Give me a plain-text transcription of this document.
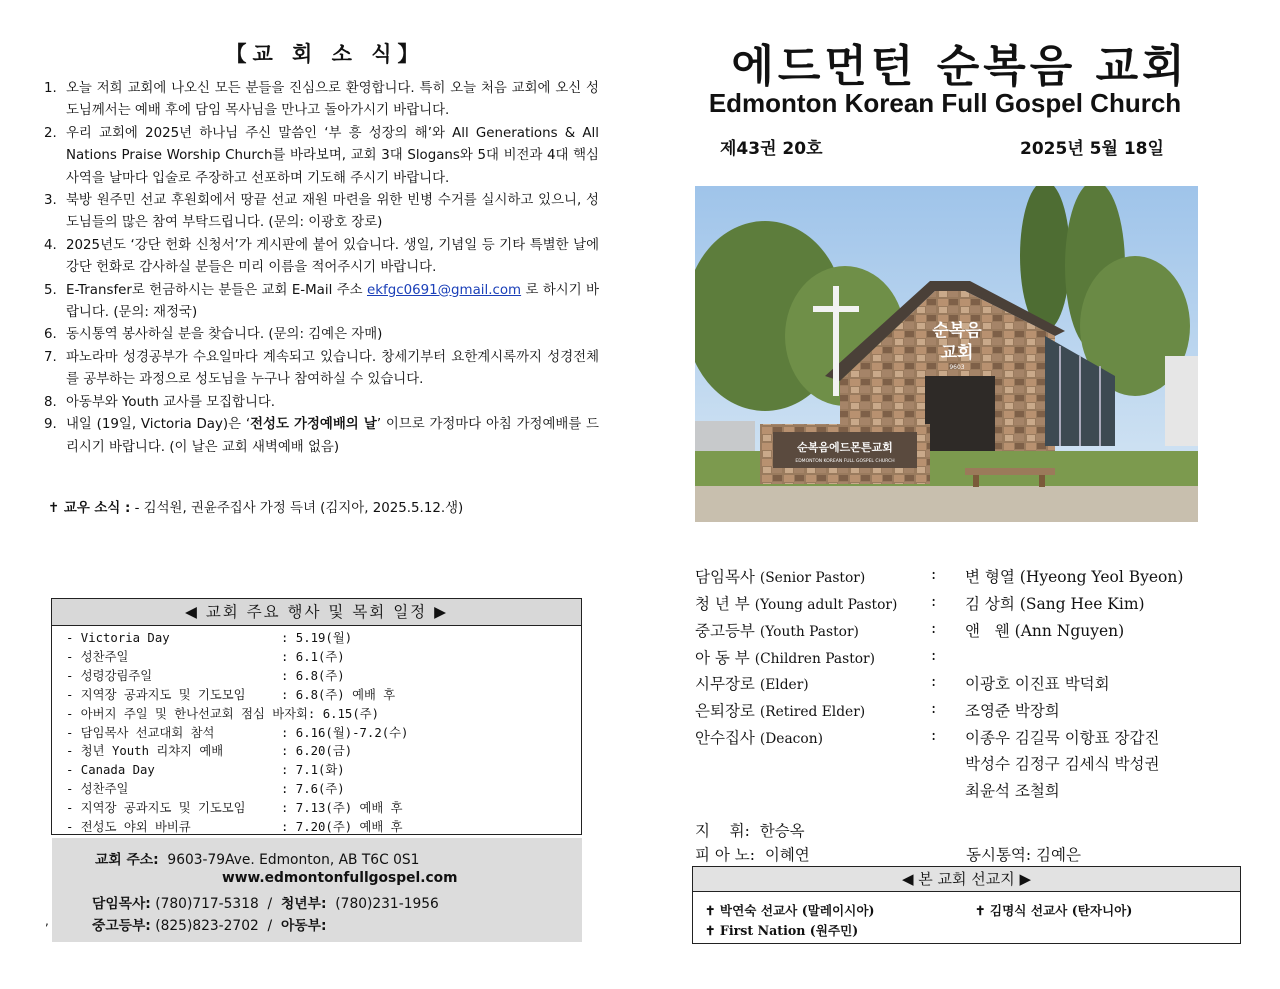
【교 회 소 식】
1. 오늘 저희 교회에 나오신 모든 분들을 진심으로 환영합니다. 특히 오늘 처음 교회에 오신 성도님께서는 예배 후에 담임 목사님을 만나고 돌아가시기 바랍니다.
2. 우리 교회에 2025년 하나님 주신 말씀인 ‘부 흥 성장의 해’와 All Generations & All Nations Praise Worship Church를 바라보며, 교회 3대 Slogans와 5대 비전과 4대 핵심 사역을 날마다 입술로 주장하고 선포하며 기도해 주시기 바랍니다.
3. 북방 원주민 선교 후원회에서 땅끝 선교 재원 마련을 위한 빈병 수거를 실시하고 있으니, 성도님들의 많은 참여 부탁드립니다. (문의: 이광호 장로)
4. 2025년도 ‘강단 헌화 신청서’가 게시판에 붙어 있습니다. 생일, 기념일 등 기타 특별한 날에 강단 헌화로 감사하실 분들은 미리 이름을 적어주시기 바랍니다.
5. E-Transfer로 헌금하시는 분들은 교회 E-Mail 주소 ekfgc0691@gmail.com 로 하시기 바랍니다. (문의: 재정국)
6. 동시통역 봉사하실 분을 찾습니다. (문의: 김예은 자매)
7. 파노라마 성경공부가 수요일마다 계속되고 있습니다. 창세기부터 요한계시록까지 성경전체를 공부하는 과정으로 성도님을 누구나 참여하실 수 있습니다.
8. 아동부와 Youth 교사를 모집합니다.
9. 내일 (19일, Victoria Day)은 ‘전성도 가정예배의 날’ 이므로 가정마다 아침 가정예배를 드리시기 바랍니다. (이 날은 교회 새벽예배 없음)
✝ 교우 소식 : - 김석원, 권윤주집사 가정 득녀 (김지아, 2025.5.12.생)
◀ 교회 주요 행사 및 목회 일정 ▶
- Victoria Day	: 5.19(월)
- 성찬주일	: 6.1(주)
- 성령강림주일	: 6.8(주)
- 지역장 공과지도 및 기도모임	: 6.8(주) 예배 후
- 아버지 주일 및 한나선교회 점심 바자회: 6.15(주)
- 담임목사 선교대회 참석	: 6.16(월)-7.2(수)
- 청년 Youth 리챠지 예배	: 6.20(금)
- Canada Day	: 7.1(화)
- 성찬주일	: 7.6(주)
- 지역장 공과지도 및 기도모임	: 7.13(주) 예배 후
- 전성도 야외 바비큐	: 7.20(주) 예배 후
,
교회 주소: 9603-79Ave. Edmonton, AB T6C 0S1
www.edmontonfullgospel.com
담임목사: (780)717-5318 / 청년부: (780)231-1956
중고등부: (825)823-2702 / 아동부:
에드먼턴 순복음 교회
Edmonton Korean Full Gospel Church
제43권 20호	2025년 5월 18일
순복음
교회
9603
순복음에드몬튼교회
EDMONTON KOREAN FULL GOSPEL CHURCH
담임목사 (Senior Pastor)	: 변 형열 (Hyeong Yeol Byeon)
청 년 부 (Young adult Pastor) : 김 상희 (Sang Hee Kim)
중고등부 (Youth Pastor)	: 앤   웬 (Ann Nguyen)
아 동 부 (Children Pastor)	:
시무장로 (Elder)	: 이광호 이진표 박덕회
은퇴장로 (Retired Elder)	: 조영준 박장희
안수집사 (Deacon)	: 이종우 김길묵 이항표 장갑진
박성수 김정구 김세식 박성권
최윤석 조철희
지    휘:  한승옥
피 아 노:  이혜연	동시통역: 김예은
◀ 본 교회 선교지 ▶
✝ 박연숙 선교사 (말레이시아)	✝ 김명식 선교사 (탄자니아)
✝ First Nation (원주민)
